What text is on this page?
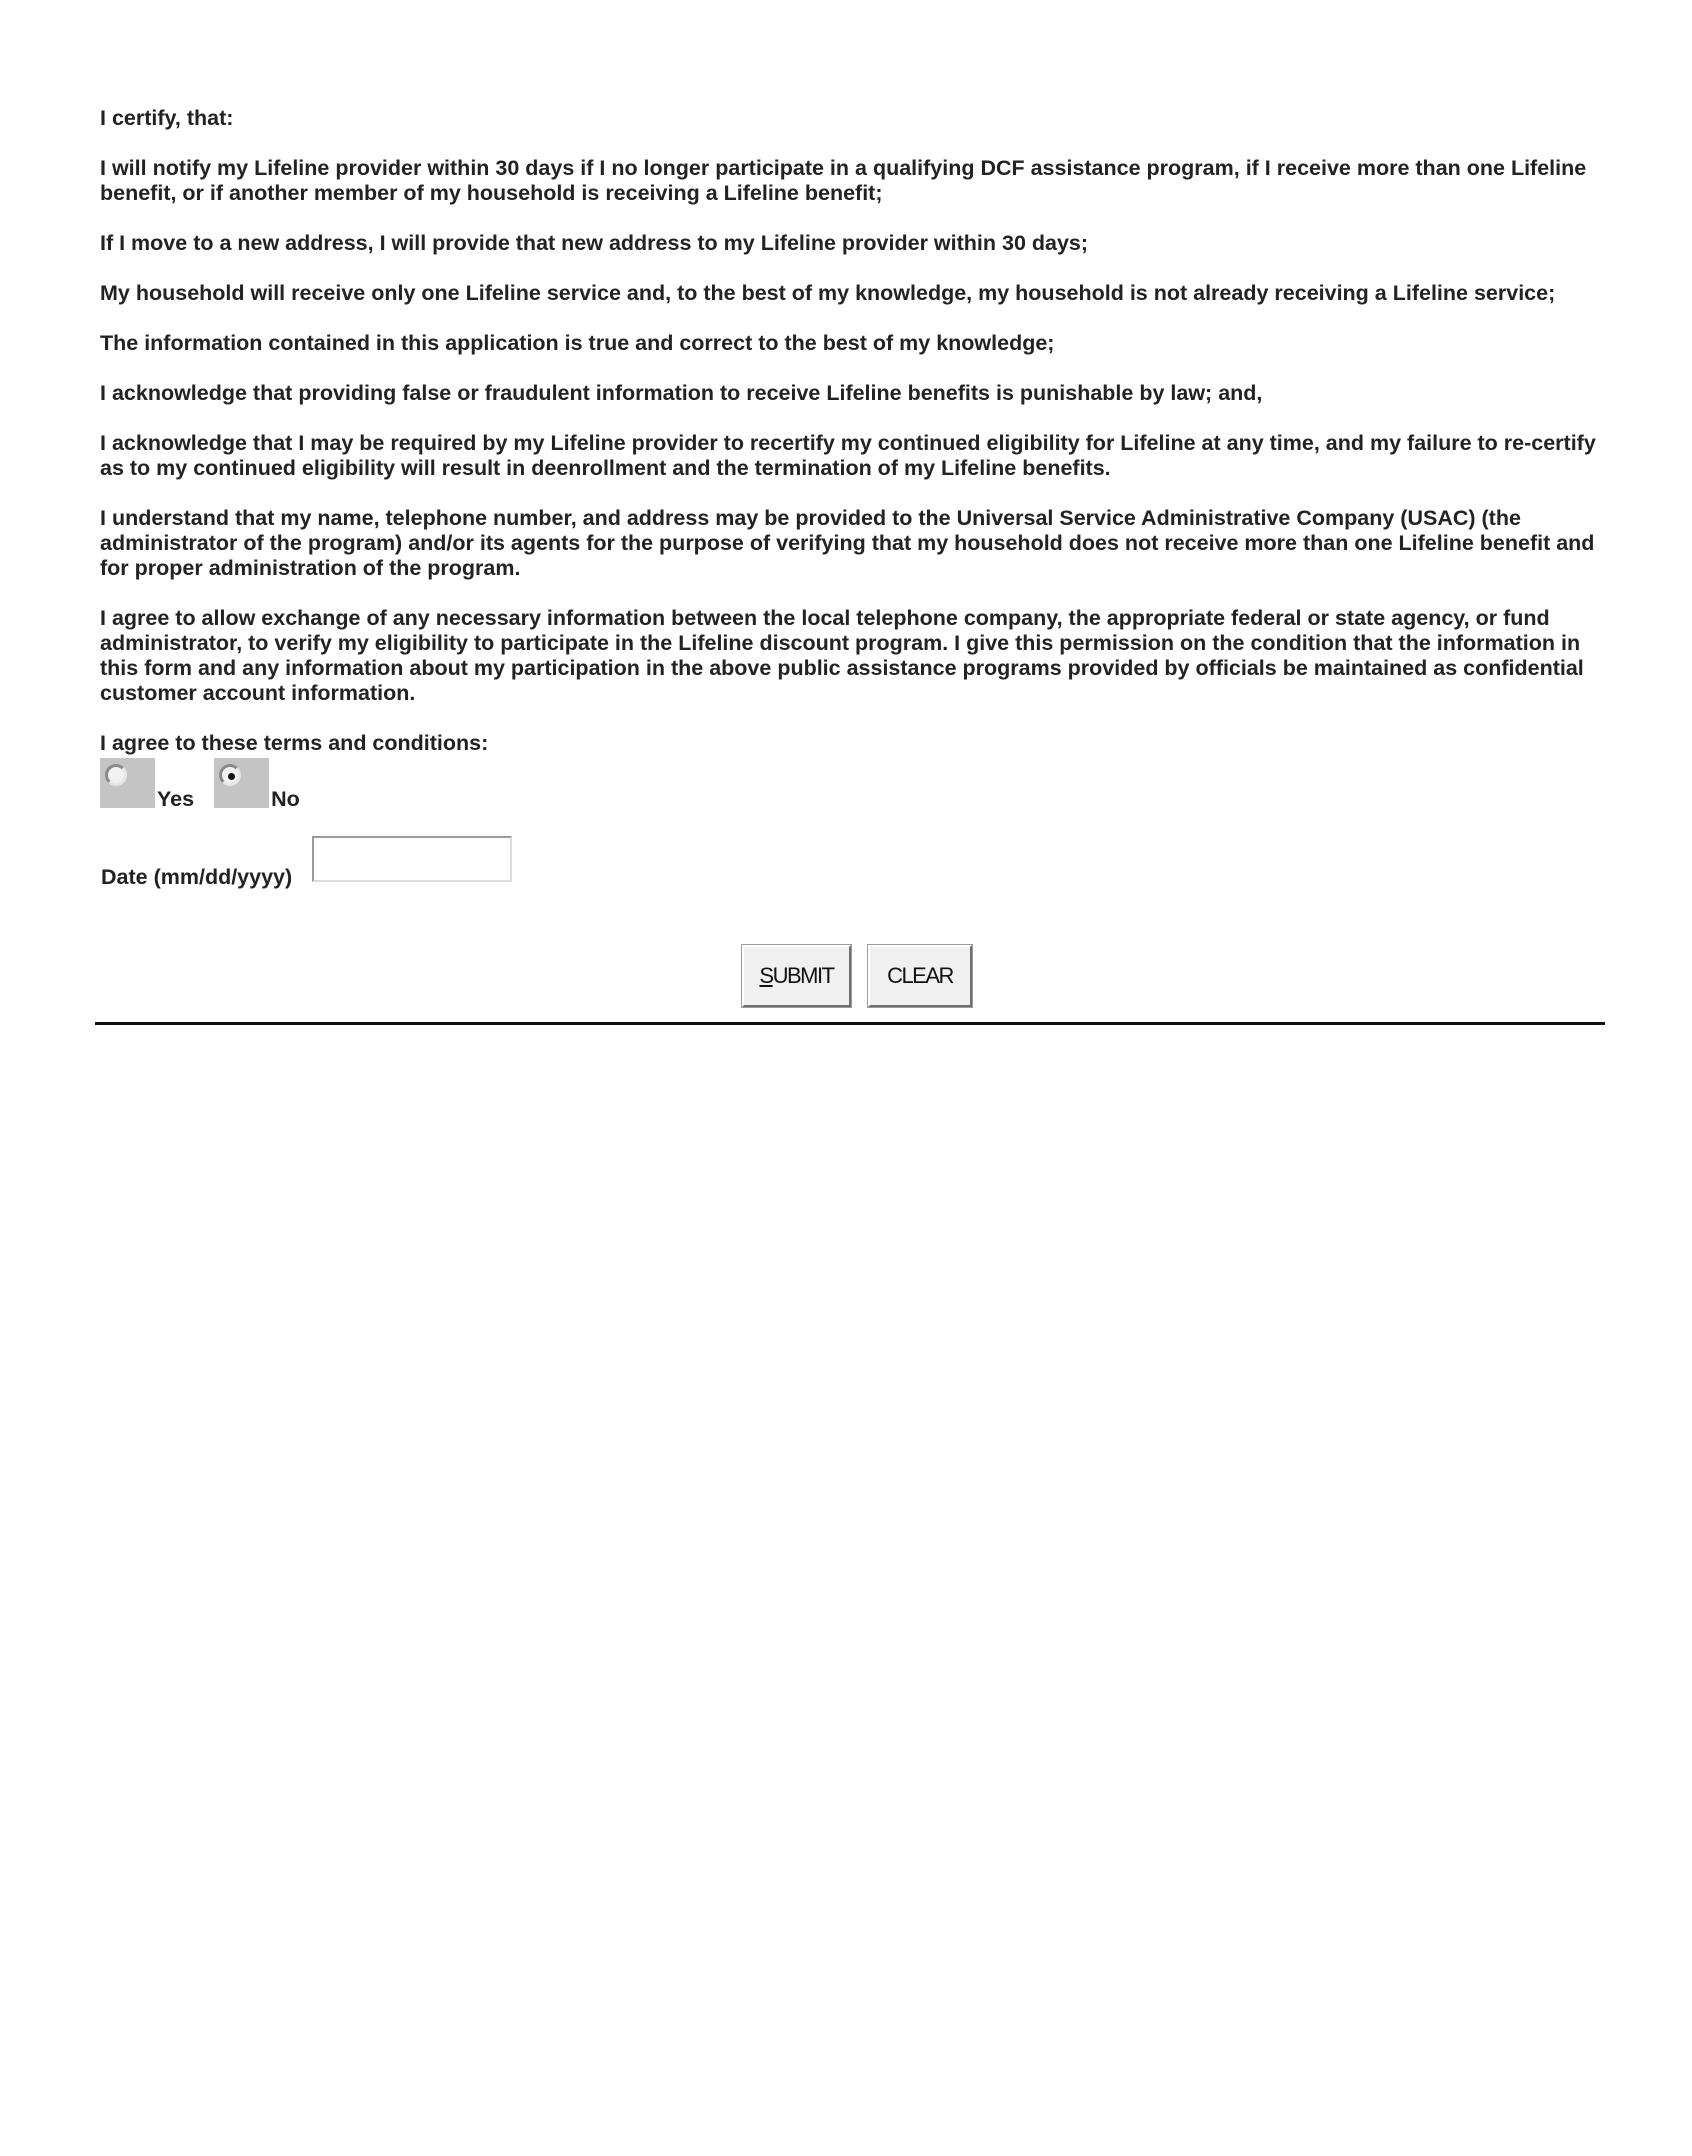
I certify, that:

I will notify my Lifeline provider within 30 days if I no longer participate in a qualifying DCF assistance program, if I receive more than one Lifeline benefit, or if another member of my household is receiving a Lifeline benefit;

If I move to a new address, I will provide that new address to my Lifeline provider within 30 days;

My household will receive only one Lifeline service and, to the best of my knowledge, my household is not already receiving a Lifeline service;

The information contained in this application is true and correct to the best of my knowledge;

I acknowledge that providing false or fraudulent information to receive Lifeline benefits is punishable by law; and,

I acknowledge that I may be required by my Lifeline provider to recertify my continued eligibility for Lifeline at any time, and my failure to re-certify as to my continued eligibility will result in deenrollment and the termination of my Lifeline benefits.

I understand that my name, telephone number, and address may be provided to the Universal Service Administrative Company (USAC) (the administrator of the program) and/or its agents for the purpose of verifying that my household does not receive more than one Lifeline benefit and for proper administration of the program.

I agree to allow exchange of any necessary information between the local telephone company, the appropriate federal or state agency, or fund administrator, to verify my eligibility to participate in the Lifeline discount program. I give this permission on the condition that the information in this form and any information about my participation in the above public assistance programs provided by officials be maintained as confidential customer account information.

I agree to these terms and conditions:

Yes	No
Date (mm/dd/yyyy)
SUBMIT	CLEAR
